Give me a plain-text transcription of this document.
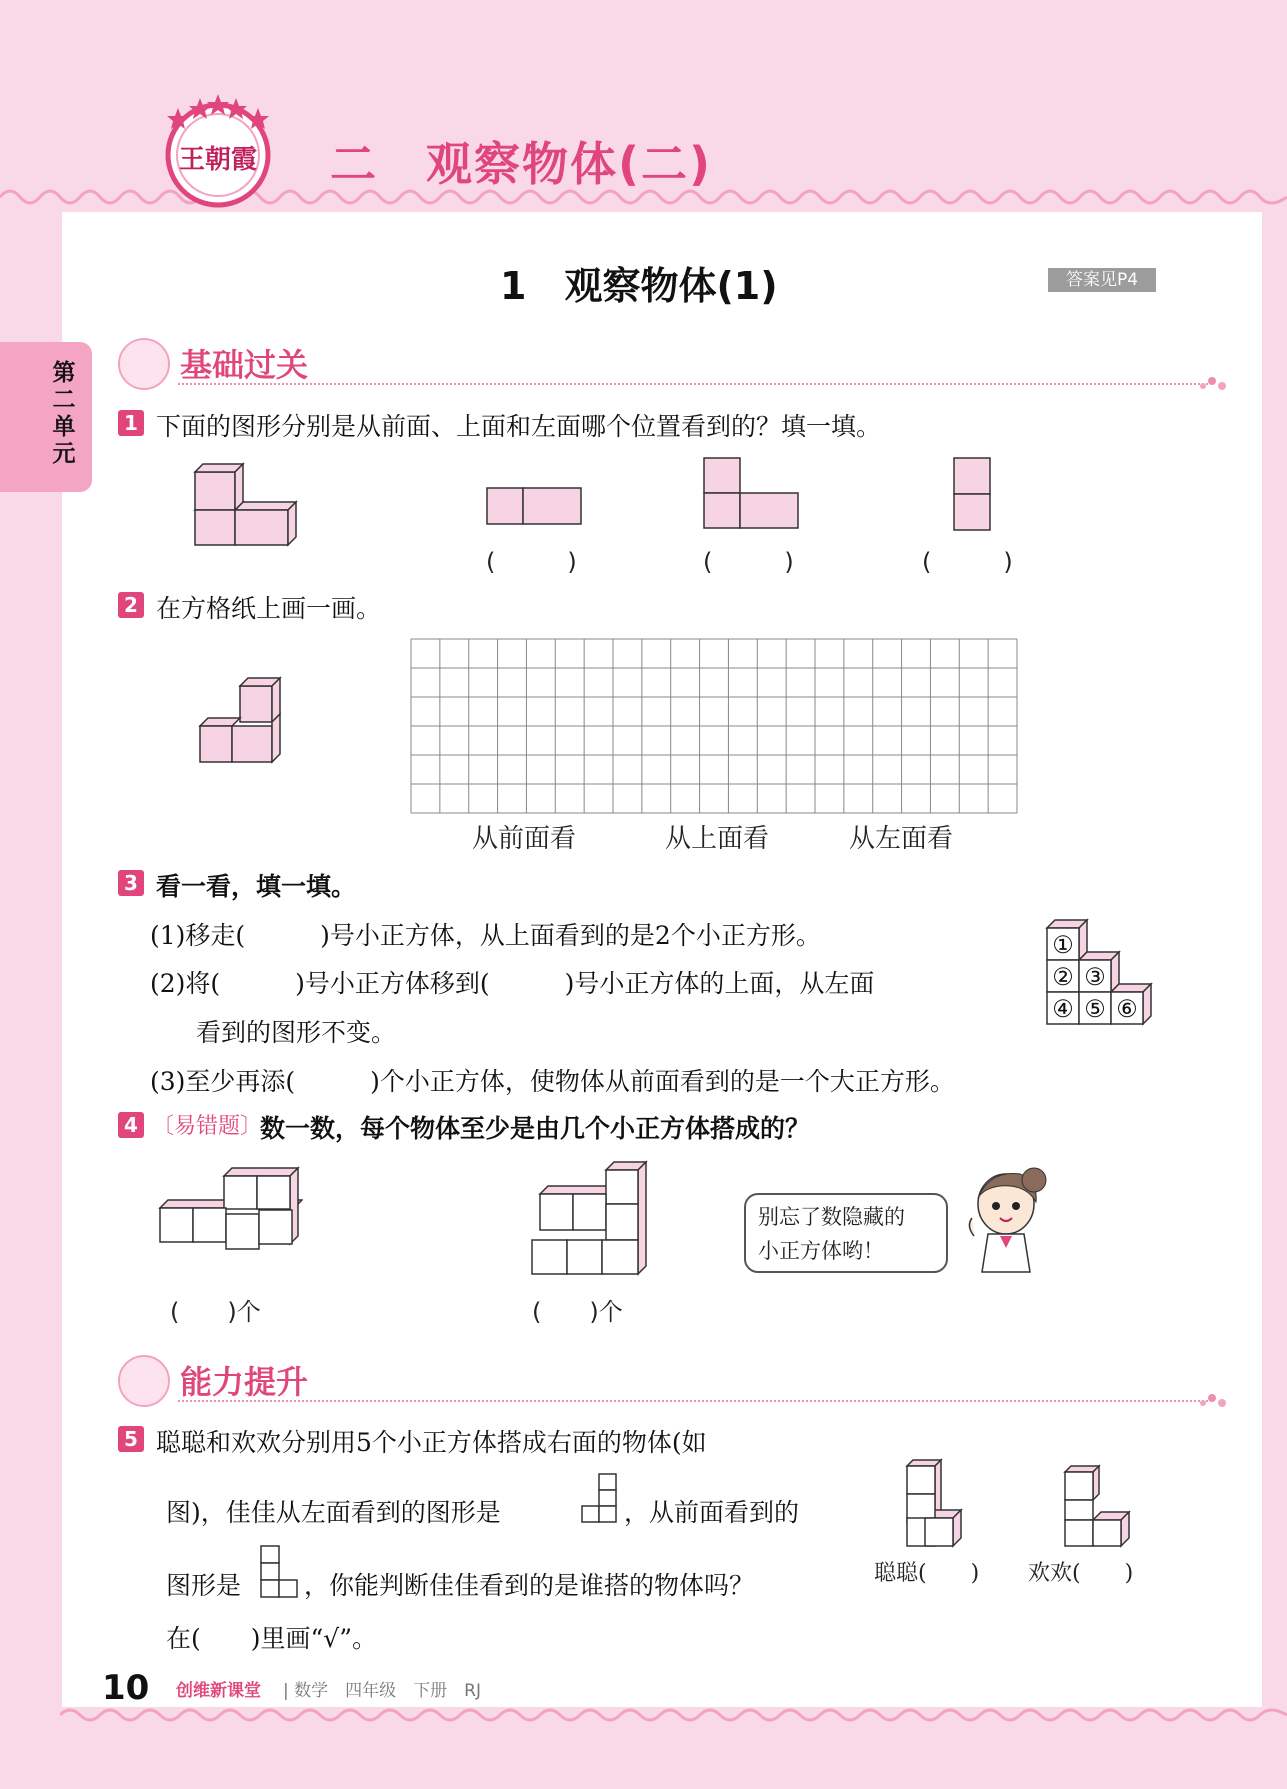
王朝霞 二　观察物体(二)
1　观察物体(1)	答案见P4
第二单元
基础过关
1 下面的图形分别是从前面、上面和左面哪个位置看到的？填一填。
(　　　)	(　　　)	(　　　)
2 在方格纸上画一画。
从前面看	从上面看	从左面看
3 看一看，填一填。
(1)移走(　　　)号小正方体，从上面看到的是2个小正方形。
(2)将(　　　)号小正方体移到(　　　)号小正方体的上面，从左面
看到的图形不变。
(3)至少再添(　　　)个小正方体，使物体从前面看到的是一个大正方形。
①
② ③
④ ⑤ ⑥
4 〔易错题〕
数一数，每个物体至少是由几个小正方体搭成的？
(　　)个	(　　)个
别忘了数隐藏的
小正方体哟！
能力提升
5 聪聪和欢欢分别用5个小正方体搭成右面的物体(如
图)，佳佳从左面看到的图形是	，从前面看到的
图形是	，你能判断佳佳看到的是谁搭的物体吗？
在(　　)里画“√”。
聪聪(　　) 欢欢(　　)
10 创维新课堂 | 数学　四年级　下册　RJ
